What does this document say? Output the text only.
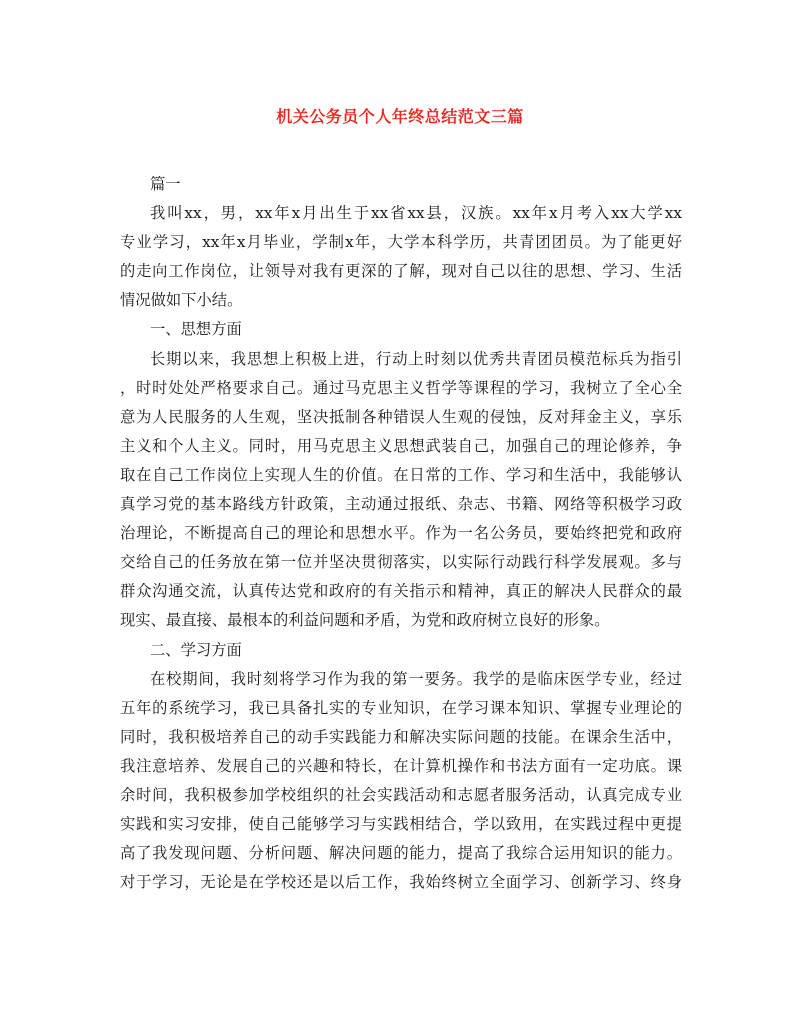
机关公务员个人年终总结范文三篇
篇一
我叫xx，男，xx年x月出生于xx省xx县，汉族。xx年x月考入xx大学xx
专业学习，xx年x月毕业，学制x年，大学本科学历，共青团团员。为了能更好
的走向工作岗位，让领导对我有更深的了解，现对自己以往的思想、学习、生活
情况做如下小结。
一、思想方面
长期以来，我思想上积极上进，行动上时刻以优秀共青团员模范标兵为指引
，时时处处严格要求自己。通过马克思主义哲学等课程的学习，我树立了全心全
意为人民服务的人生观，坚决抵制各种错误人生观的侵蚀，反对拜金主义，享乐
主义和个人主义。同时，用马克思主义思想武装自己，加强自己的理论修养，争
取在自己工作岗位上实现人生的价值。在日常的工作、学习和生活中，我能够认
真学习党的基本路线方针政策，主动通过报纸、杂志、书籍、网络等积极学习政
治理论，不断提高自己的理论和思想水平。作为一名公务员，要始终把党和政府
交给自己的任务放在第一位并坚决贯彻落实，以实际行动践行科学发展观。多与
群众沟通交流，认真传达党和政府的有关指示和精神，真正的解决人民群众的最
现实、最直接、最根本的利益问题和矛盾，为党和政府树立良好的形象。
二、学习方面
在校期间，我时刻将学习作为我的第一要务。我学的是临床医学专业，经过
五年的系统学习，我已具备扎实的专业知识，在学习课本知识、掌握专业理论的
同时，我积极培养自己的动手实践能力和解决实际问题的技能。在课余生活中，
我注意培养、发展自己的兴趣和特长，在计算机操作和书法方面有一定功底。课
余时间，我积极参加学校组织的社会实践活动和志愿者服务活动，认真完成专业
实践和实习安排，使自己能够学习与实践相结合，学以致用，在实践过程中更提
高了我发现问题、分析问题、解决问题的能力，提高了我综合运用知识的能力。
对于学习，无论是在学校还是以后工作，我始终树立全面学习、创新学习、终身
